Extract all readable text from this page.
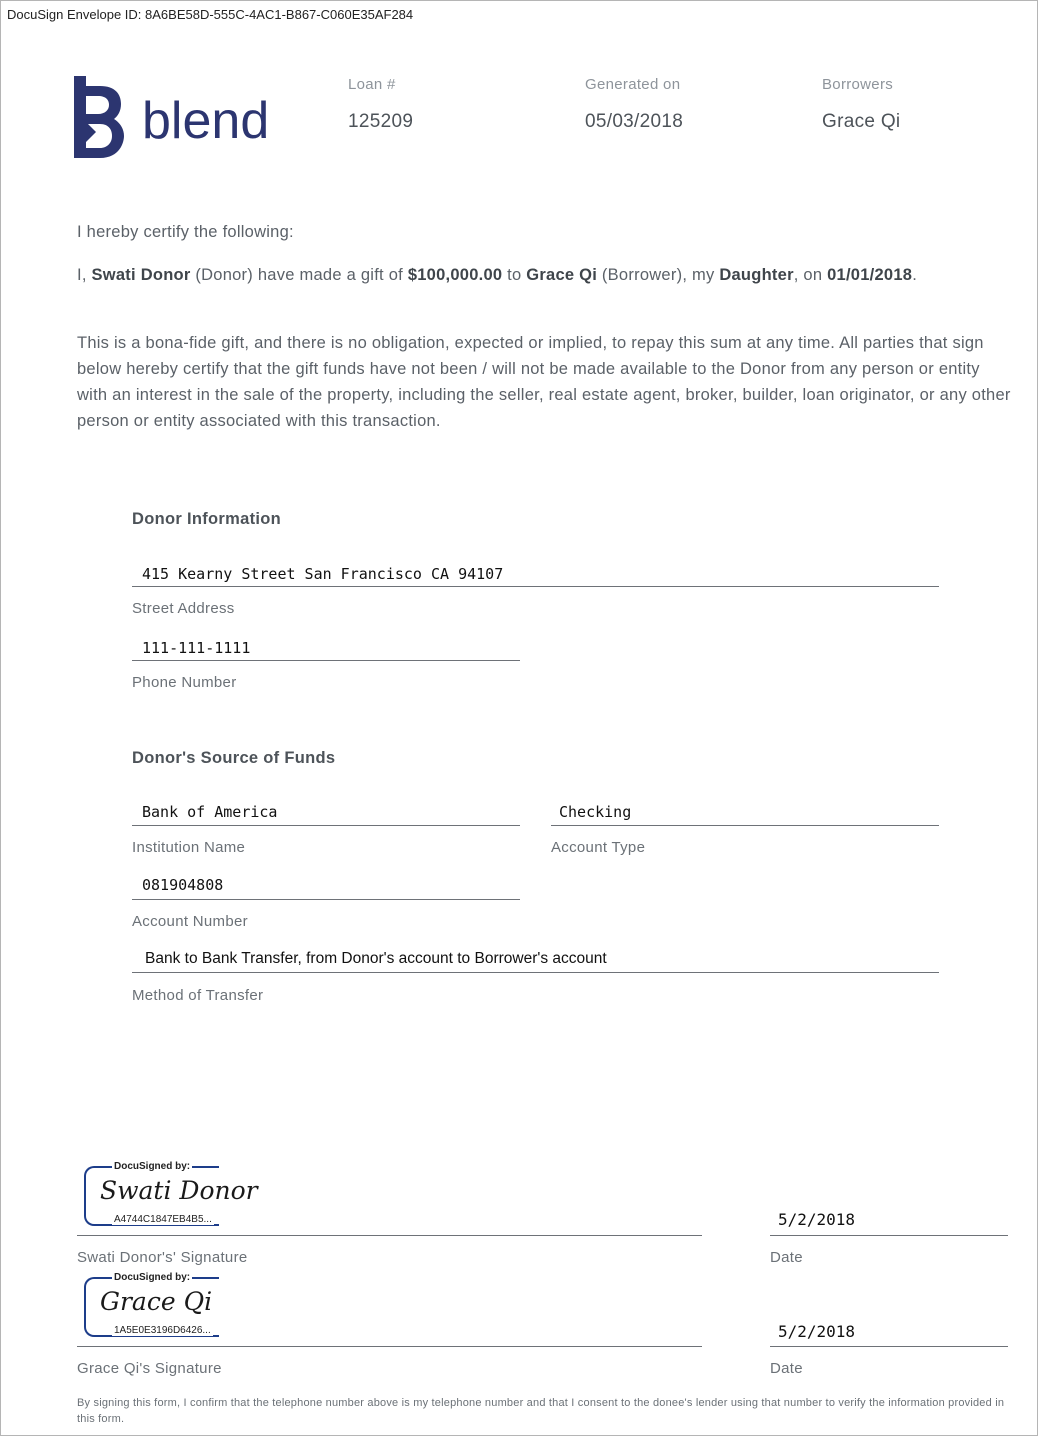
DocuSign Envelope ID: 8A6BE58D-555C-4AC1-B867-C060E35AF284
blend
Loan #
125209
Generated on
05/03/2018
Borrowers
Grace Qi
I hereby certify the following:
I, Swati Donor (Donor) have made a gift of $100,000.00 to Grace Qi (Borrower), my Daughter, on 01/01/2018.
This is a bona-fide gift, and there is no obligation, expected or implied, to repay this sum at any time. All parties that sign below hereby certify that the gift funds have not been / will not be made available to the Donor from any person or entity with an interest in the sale of the property, including the seller, real estate agent, broker, builder, loan originator, or any other person or entity associated with this transaction.
Donor Information
415 Kearny Street San Francisco CA 94107
Street Address
111-111-1111
Phone Number
Donor's Source of Funds
Bank of America
Institution Name
Checking
Account Type
081904808
Account Number
Bank to Bank Transfer, from Donor's account to Borrower's account
Method of Transfer
DocuSigned by:
Swati Donor
A4744C1847EB4B5...
Swati Donor's' Signature
5/2/2018
Date
DocuSigned by:
Grace Qi
1A5E0E3196D6426...
Grace Qi's Signature
5/2/2018
Date
By signing this form, I confirm that the telephone number above is my telephone number and that I consent to the donee's lender using that number to verify the information provided in this form.
